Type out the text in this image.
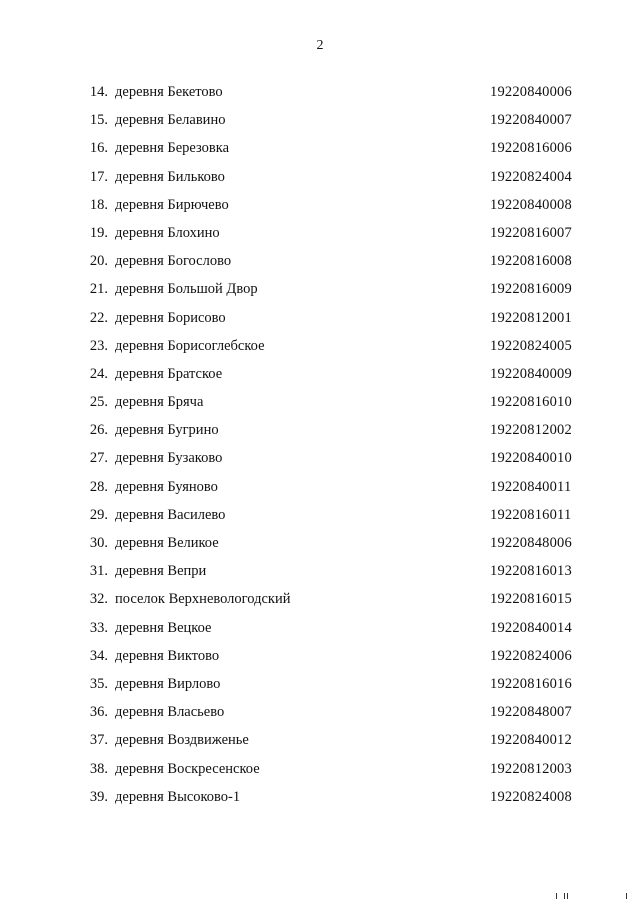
2
14. деревня Бекетово	19220840006
15. деревня Белавино	19220840007
16. деревня Березовка	19220816006
17. деревня Бильково	19220824004
18. деревня Бирючево	19220840008
19. деревня Блохино	19220816007
20. деревня Богослово	19220816008
21. деревня Большой Двор	19220816009
22. деревня Борисово	19220812001
23. деревня Борисоглебское	19220824005
24. деревня Братское	19220840009
25. деревня Бряча	19220816010
26. деревня Бугрино	19220812002
27. деревня Бузаково	19220840010
28. деревня Буяново	19220840011
29. деревня Василево	19220816011
30. деревня Великое	19220848006
31. деревня Вепри	19220816013
32. поселок Верхневологодский	19220816015
33. деревня Вецкое	19220840014
34. деревня Виктово	19220824006
35. деревня Вирлово	19220816016
36. деревня Власьево	19220848007
37. деревня Воздвиженье	19220840012
38. деревня Воскресенское	19220812003
39. деревня Высоково-1	19220824008
